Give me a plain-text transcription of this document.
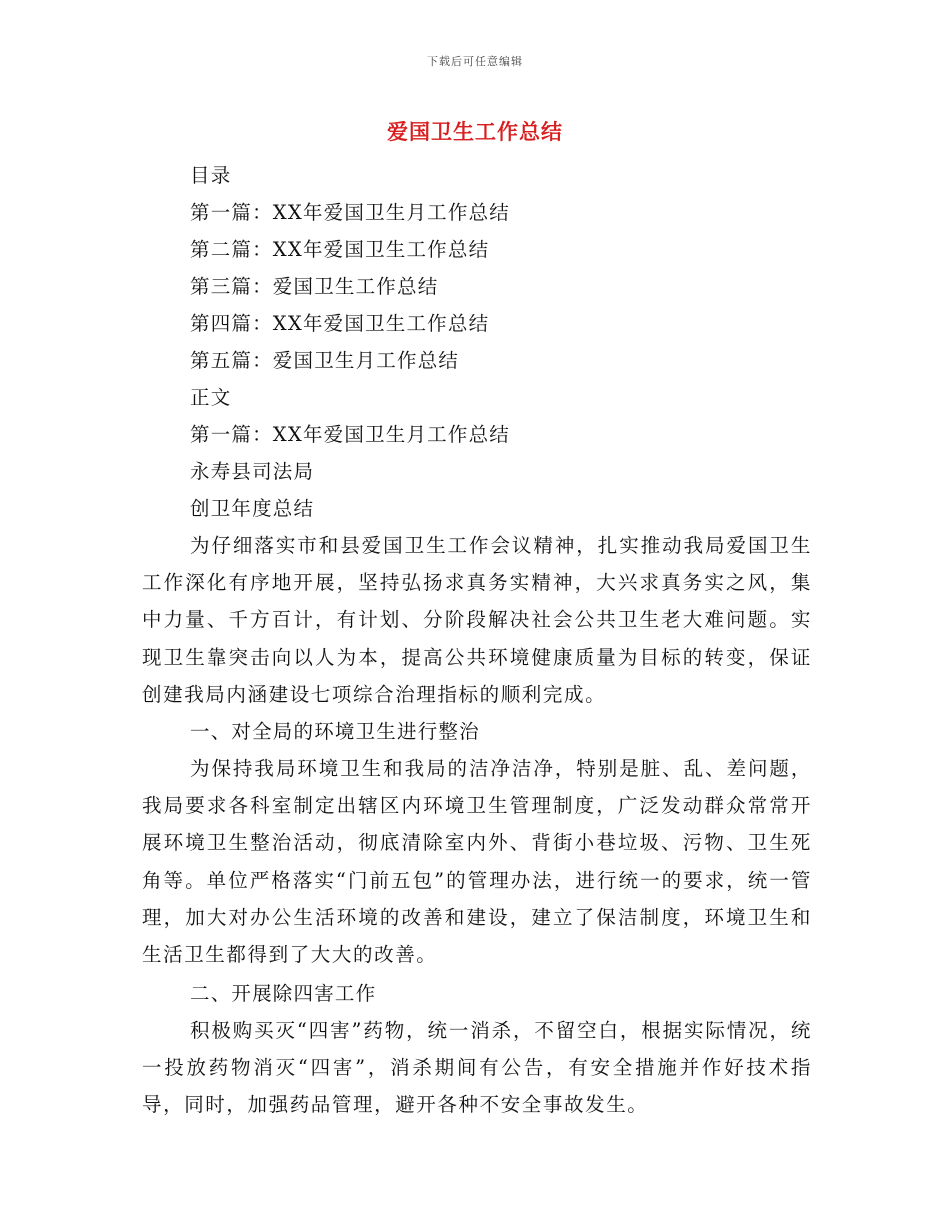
下载后可任意编辑
爱国卫生工作总结
目录
第一篇：XX年爱国卫生月工作总结
第二篇：XX年爱国卫生工作总结
第三篇：爱国卫生工作总结
第四篇：XX年爱国卫生工作总结
第五篇：爱国卫生月工作总结
正文
第一篇：XX年爱国卫生月工作总结
永寿县司法局
创卫年度总结

为仔细落实市和县爱国卫生工作会议精神，扎实推动我局爱国卫生工作深化有序地开展，坚持弘扬求真务实精神，大兴求真务实之风，集中力量、千方百计，有计划、分阶段解决社会公共卫生老大难问题。实现卫生靠突击向以人为本，提高公共环境健康质量为目标的转变，保证创建我局内涵建设七项综合治理指标的顺利完成。

一、对全局的环境卫生进行整治

为保持我局环境卫生和我局的洁净洁净，特别是脏、乱、差问题，我局要求各科室制定出辖区内环境卫生管理制度，广泛发动群众常常开展环境卫生整治活动，彻底清除室内外、背街小巷垃圾、污物、卫生死角等。单位严格落实“门前五包”的管理办法，进行统一的要求，统一管理，加大对办公生活环境的改善和建设，建立了保洁制度，环境卫生和生活卫生都得到了大大的改善。

二、开展除四害工作

积极购买灭“四害”药物，统一消杀，不留空白，根据实际情况，统一投放药物消灭“四害”，消杀期间有公告，有安全措施并作好技术指导，同时，加强药品管理，避开各种不安全事故发生。
